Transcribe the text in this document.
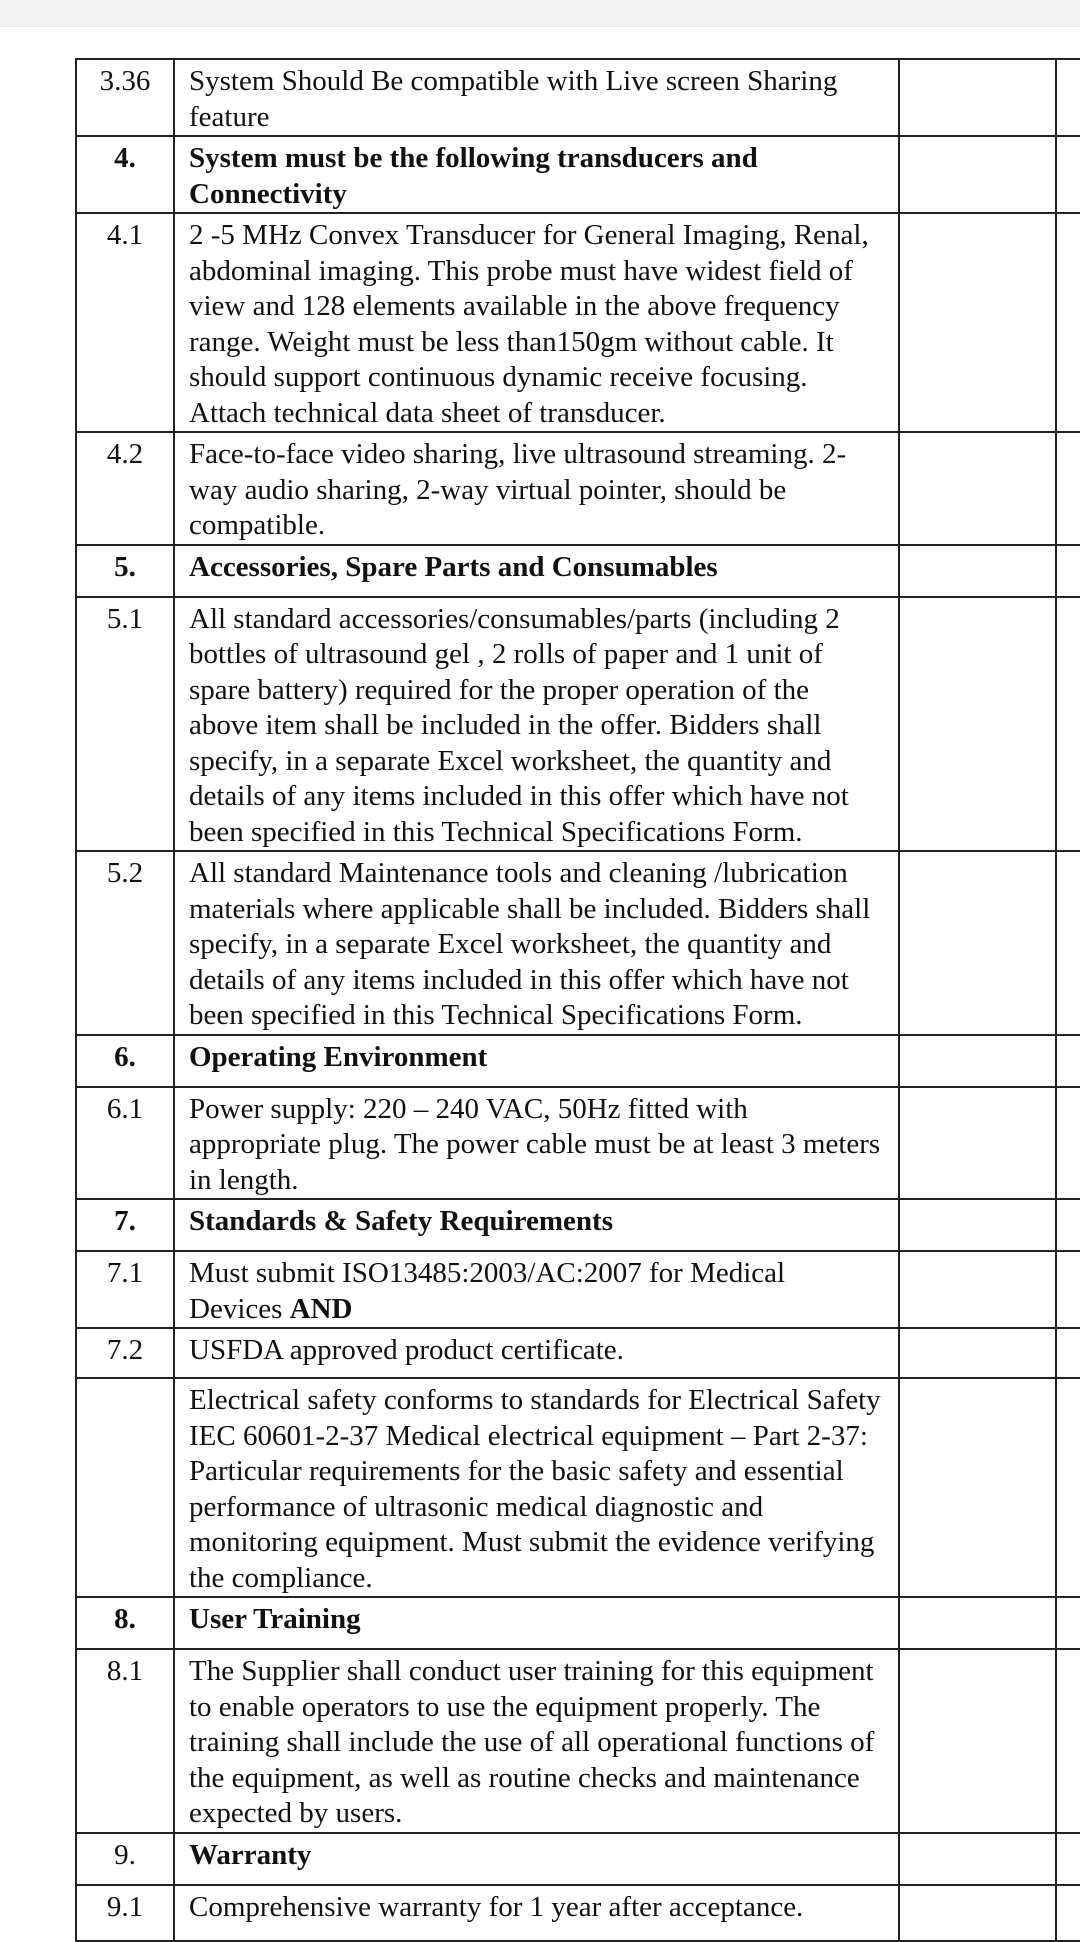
3.36	System Should Be compatible with Live screen Sharing feature		
4.	System must be the following transducers and Connectivity		
4.1	2 -5 MHz Convex Transducer for General Imaging, Renal, abdominal imaging. This probe must have widest field of view and 128 elements available in the above frequency range. Weight must be less than150gm without cable. It should support continuous dynamic receive focusing. Attach technical data sheet of transducer.		
4.2	Face-to-face video sharing, live ultrasound streaming. 2-way audio sharing, 2-way virtual pointer, should be compatible.		
5.	Accessories, Spare Parts and Consumables		
5.1	All standard accessories/consumables/parts (including 2 bottles of ultrasound gel , 2 rolls of paper and 1 unit of spare battery) required for the proper operation of the above item shall be included in the offer. Bidders shall specify, in a separate Excel worksheet, the quantity and details of any items included in this offer which have not been specified in this Technical Specifications Form.		
5.2	All standard Maintenance tools and cleaning /lubrication materials where applicable shall be included. Bidders shall specify, in a separate Excel worksheet, the quantity and details of any items included in this offer which have not been specified in this Technical Specifications Form.		
6.	Operating Environment		
6.1	Power supply: 220 – 240 VAC, 50Hz fitted with appropriate plug. The power cable must be at least 3 meters in length.		
7.	Standards & Safety Requirements		
7.1	Must submit ISO13485:2003/AC:2007 for Medical Devices AND		
7.2	USFDA approved product certificate.		
	Electrical safety conforms to standards for Electrical Safety IEC 60601-2-37 Medical electrical equipment – Part 2-37: Particular requirements for the basic safety and essential performance of ultrasonic medical diagnostic and monitoring equipment. Must submit the evidence verifying the compliance.		
8.	User Training		
8.1	The Supplier shall conduct user training for this equipment to enable operators to use the equipment properly. The training shall include the use of all operational functions of the equipment, as well as routine checks and maintenance expected by users.		
9.	Warranty		
9.1	Comprehensive warranty for 1 year after acceptance.		
